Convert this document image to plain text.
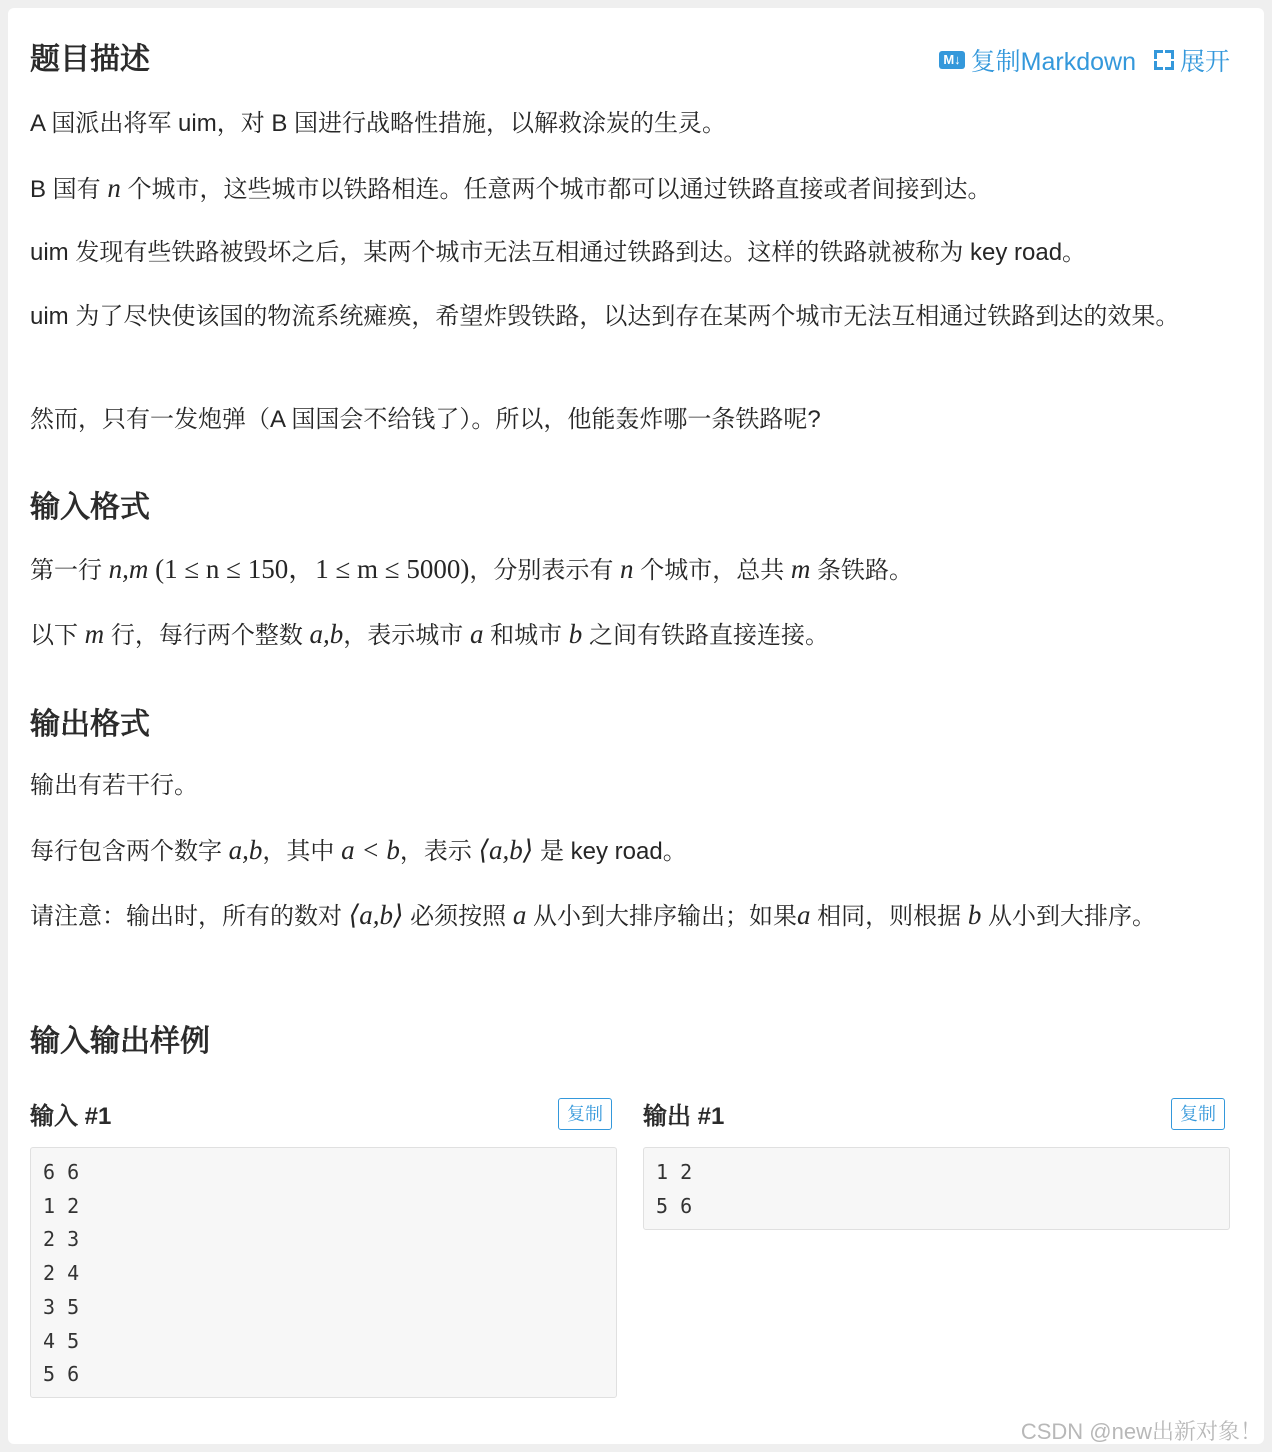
题目描述	M↓ 复制Markdown 展开

A 国派出将军 uim，对 B 国进行战略性措施，以解救涂炭的生灵。

B 国有 n 个城市，这些城市以铁路相连。任意两个城市都可以通过铁路直接或者间接到达。

uim 发现有些铁路被毁坏之后，某两个城市无法互相通过铁路到达。这样的铁路就被称为 key road。

uim 为了尽快使该国的物流系统瘫痪，希望炸毁铁路，以达到存在某两个城市无法互相通过铁路到达的效果。

然而，只有一发炮弹（A 国国会不给钱了）。所以，他能轰炸哪一条铁路呢?

输入格式

第一行 n,m (1 ≤ n ≤ 150，1 ≤ m ≤ 5000)，分别表示有 n 个城市，总共 m 条铁路。

以下 m 行，每行两个整数 a,b，表示城市 a 和城市 b 之间有铁路直接连接。

输出格式

输出有若干行。

每行包含两个数字 a,b，其中 a < b，表示 ⟨a,b⟩ 是 key road。

请注意：输出时，所有的数对 ⟨a,b⟩ 必须按照 a 从小到大排序输出；如果a 相同，则根据 b 从小到大排序。

输入输出样例
输入 #1	复制
6 6
1 2
2 3
2 4
3 5
4 5
5 6
输出 #1	复制
1 2
5 6
CSDN @new出新对象！
